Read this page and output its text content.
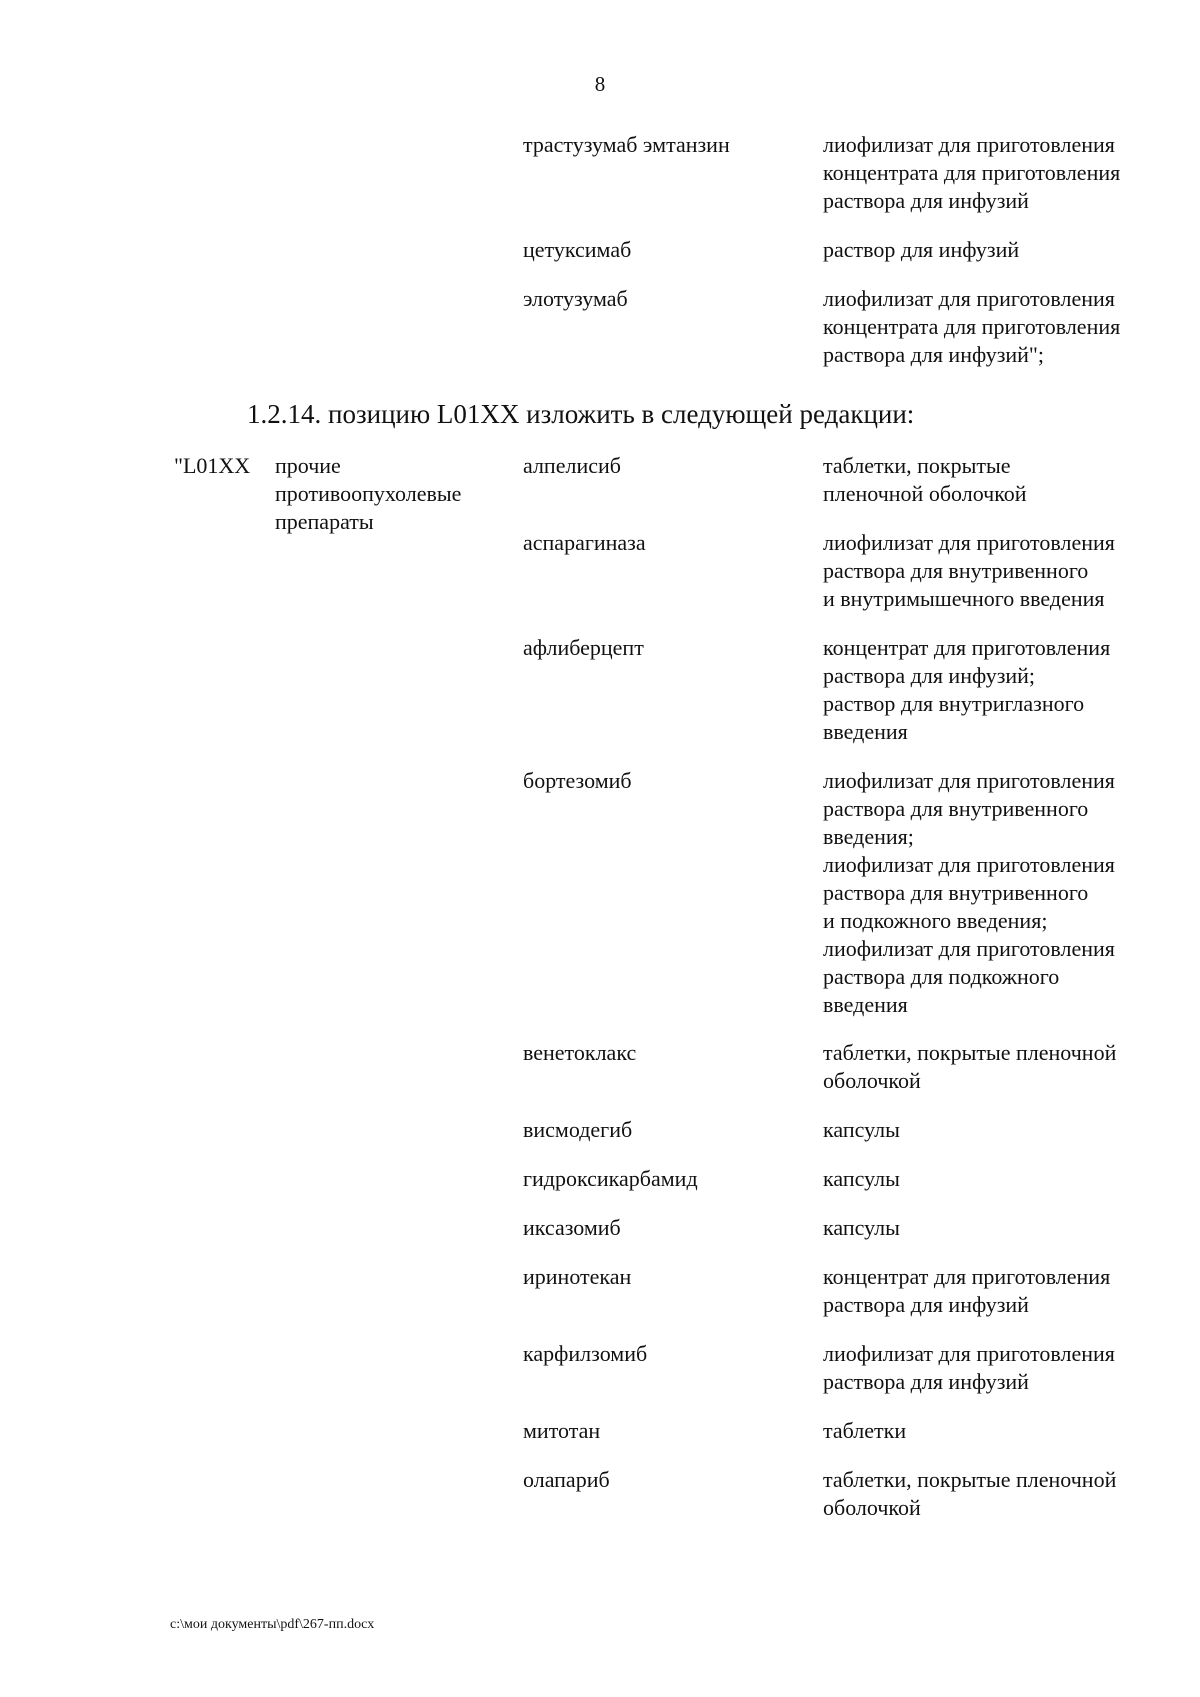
8
трастузумаб эмтанзин	лиофилизат для приготовления
концентрата для приготовления
раствора для инфузий
цетуксимаб	раствор для инфузий
элотузумаб	лиофилизат для приготовления
концентрата для приготовления
раствора для инфузий";
1.2.14. позицию L01XX изложить в следующей редакции:
"L01XX прочие
противоопухолевые
препараты
алпелисиб	таблетки, покрытые
пленочной оболочкой
аспарагиназа	лиофилизат для приготовления
раствора для внутривенного
и внутримышечного введения
афлиберцепт	концентрат для приготовления
раствора для инфузий;
раствор для внутриглазного
введения
бортезомиб	лиофилизат для приготовления
раствора для внутривенного
введения;
лиофилизат для приготовления
раствора для внутривенного
и подкожного введения;
лиофилизат для приготовления
раствора для подкожного
введения
венетоклакс	таблетки, покрытые пленочной
оболочкой
висмодегиб	капсулы
гидроксикарбамид	капсулы
иксазомиб	капсулы
иринотекан	концентрат для приготовления
раствора для инфузий
карфилзомиб	лиофилизат для приготовления
раствора для инфузий
митотан	таблетки
олапариб	таблетки, покрытые пленочной
оболочкой
c:\мои документы\pdf\267-пп.docx
